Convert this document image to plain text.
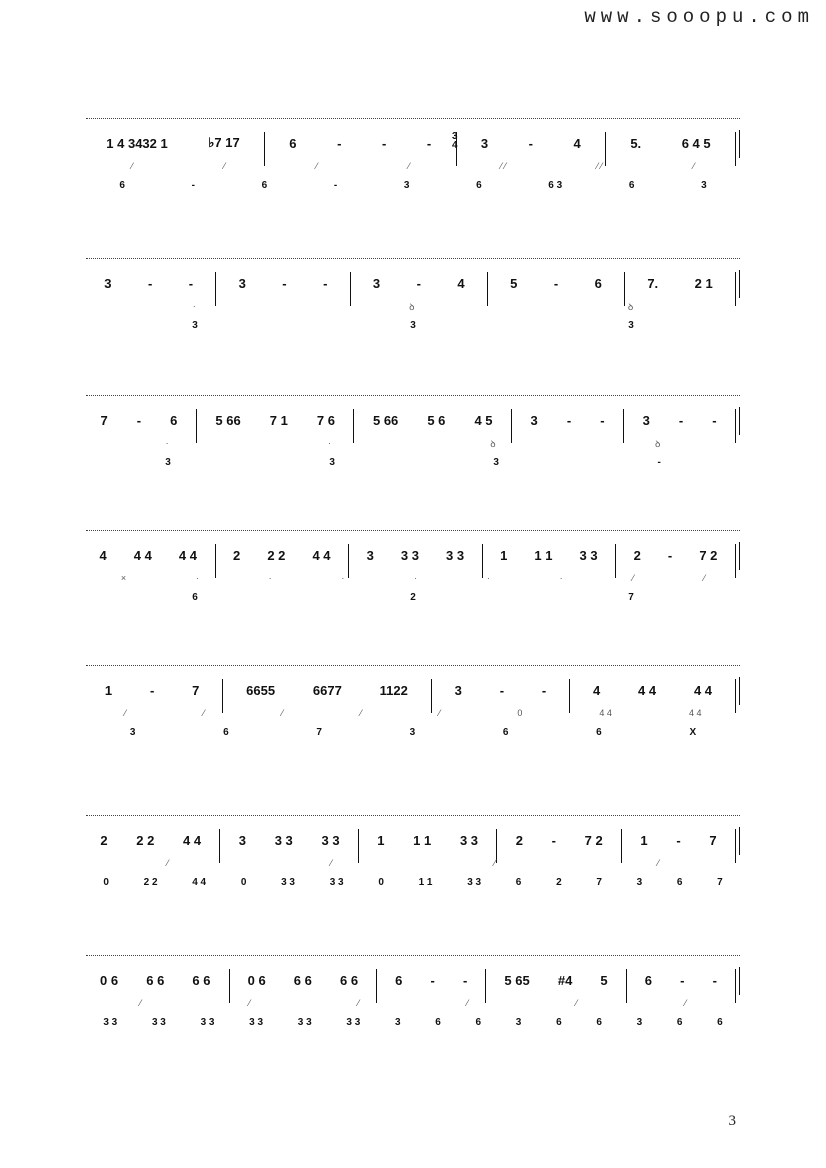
www.sooopu.com
1 4 3432 1	♭7 17	6	-	-	-	3	-	4	5.	6 4 5
⁄	⁄	⁄	⁄	⁄ ⁄	⁄ ⁄	⁄
6	-	6	-	3	6	6 3	6	3
3
4
3	-	-	3	-	-	3	-	4	5	-	6	7.	2 1
·	ꝺ	ꝺ
3	3	3
7	-	6	5 66	7 1	7 6	5 66	5 6	4 5	3	-	-	3	-	-
·	·	ꝺ	ꝺ
3	3	3	-
4	4 4	4 4	2	2 2	4 4	3	3 3	3 3	1	1 1	3 3	2	-	7 2
×	·	·	·	·	·	·	⁄	⁄
6	2	7
1	-	7	6655	6677	1122	3	-	-	4	4 4	4 4
⁄	⁄	⁄	⁄	⁄	0	4 4	4 4
3	6	7	3	6	6	X
2	2 2	4 4	3	3 3	3 3	1	1 1	3 3	2	-	7 2	1	-	7
⁄	⁄	⁄	⁄
0	2 2	4 4	0	3 3	3 3	0	1 1	3 3	6	2	7	3	6	7
0 6	6 6	6 6	0 6	6 6	6 6	6	-	-	5 65	#4	5	6	-	-
⁄	⁄	⁄	⁄	⁄	⁄
3 3	3 3	3 3	3 3	3 3	3 3	3	6	6	3	6	6	3	6	6
3
